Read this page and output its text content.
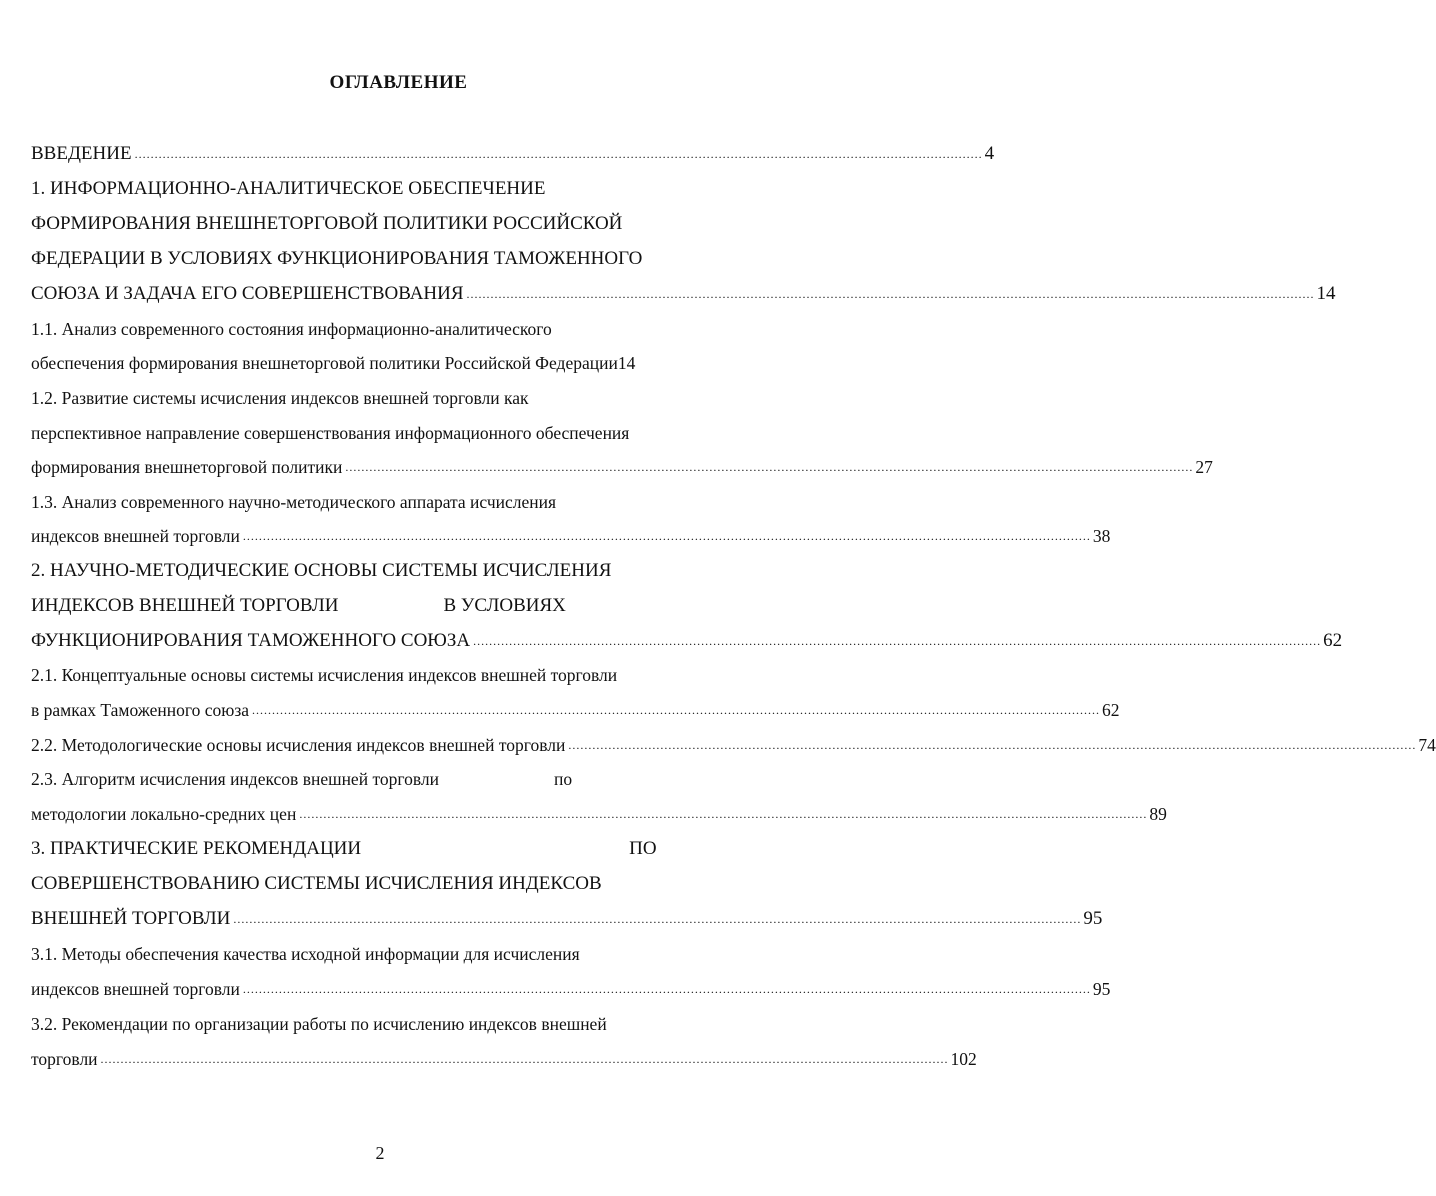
ОГЛАВЛЕНИЕ
ВВЕДЕНИЕ .................................................................................................................................................................................................................... 4
1. ИНФОРМАЦИОННО-АНАЛИТИЧЕСКОЕ ОБЕСПЕЧЕНИЕ
ФОРМИРОВАНИЯ ВНЕШНЕТОРГОВОЙ ПОЛИТИКИ РОССИЙСКОЙ
ФЕДЕРАЦИИ В УСЛОВИЯХ ФУНКЦИОНИРОВАНИЯ ТАМОЖЕННОГО
СОЮЗА И ЗАДАЧА ЕГО СОВЕРШЕНСТВОВАНИЯ .................................................................................................................................................................................................................... 14
1.1. Анализ современного состояния информационно-аналитического
обеспечения формирования внешнеторговой политики Российской Федерации 14
1.2. Развитие системы исчисления индексов внешней торговли как
перспективное направление совершенствования информационного обеспечения
формирования внешнеторговой политики .................................................................................................................................................................................................................... 27
1.3. Анализ современного научно-методического аппарата исчисления
индексов внешней торговли .................................................................................................................................................................................................................... 38
2. НАУЧНО-МЕТОДИЧЕСКИЕ ОСНОВЫ СИСТЕМЫ ИСЧИСЛЕНИЯ
ИНДЕКСОВ ВНЕШНЕЙ ТОРГОВЛИ	В УСЛОВИЯХ
ФУНКЦИОНИРОВАНИЯ ТАМОЖЕННОГО СОЮЗА .................................................................................................................................................................................................................... 62
2.1. Концептуальные основы системы исчисления индексов внешней торговли
в рамках Таможенного союза .................................................................................................................................................................................................................... 62
2.2. Методологические основы исчисления индексов внешней торговли .................................................................................................................................................................................................................... 74
2.3. Алгоритм исчисления индексов внешней торговли	по
методологии локально-средних цен .................................................................................................................................................................................................................... 89
3. ПРАКТИЧЕСКИЕ РЕКОМЕНДАЦИИ	ПО
СОВЕРШЕНСТВОВАНИЮ СИСТЕМЫ ИСЧИСЛЕНИЯ ИНДЕКСОВ
ВНЕШНЕЙ ТОРГОВЛИ .................................................................................................................................................................................................................... 95
3.1. Методы обеспечения качества исходной информации для исчисления
индексов внешней торговли .................................................................................................................................................................................................................... 95
3.2. Рекомендации по организации работы по исчислению индексов внешней
торговли .................................................................................................................................................................................................................... 102
2
